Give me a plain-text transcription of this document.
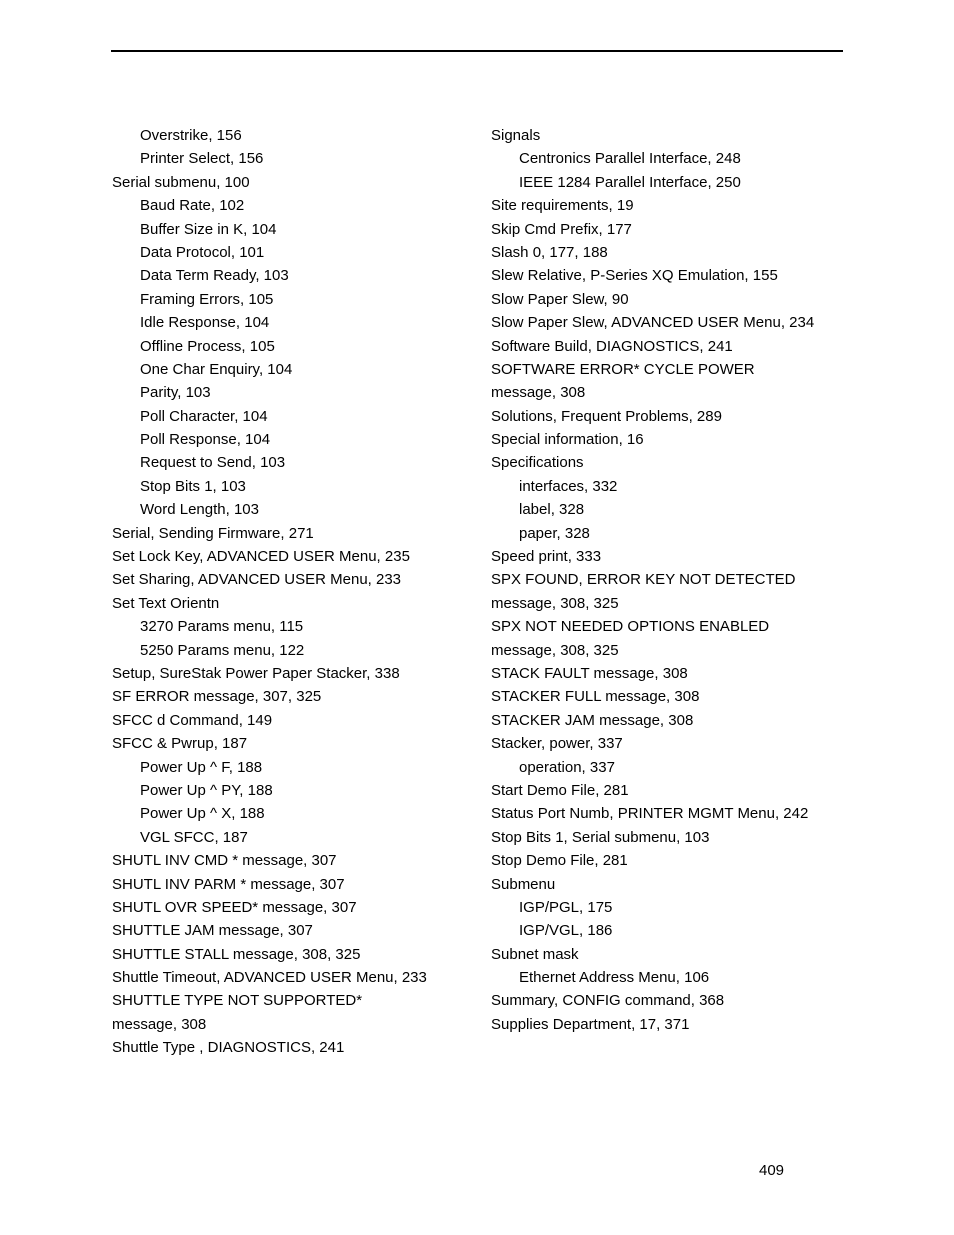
Overstrike, 156
Printer Select, 156
Serial submenu, 100
Baud Rate, 102
Buffer Size in K, 104
Data Protocol, 101
Data Term Ready, 103
Framing Errors, 105
Idle Response, 104
Offline Process, 105
One Char Enquiry, 104
Parity, 103
Poll Character, 104
Poll Response, 104
Request to Send, 103
Stop Bits 1, 103
Word Length, 103
Serial, Sending Firmware, 271
Set Lock Key, ADVANCED USER Menu, 235
Set Sharing, ADVANCED USER Menu, 233
Set Text Orientn
3270 Params menu, 115
5250 Params menu, 122
Setup, SureStak Power Paper Stacker, 338
SF ERROR message, 307, 325
SFCC d Command, 149
SFCC & Pwrup, 187
Power Up ^ F, 188
Power Up ^ PY, 188
Power Up ^ X, 188
VGL SFCC, 187
SHUTL INV CMD * message, 307
SHUTL INV PARM * message, 307
SHUTL OVR SPEED* message, 307
SHUTTLE JAM message, 307
SHUTTLE STALL message, 308, 325
Shuttle Timeout, ADVANCED USER Menu, 233
SHUTTLE TYPE NOT SUPPORTED*
message, 308
Shuttle Type , DIAGNOSTICS, 241
Signals
Centronics Parallel Interface, 248
IEEE 1284 Parallel Interface, 250
Site requirements, 19
Skip Cmd Prefix, 177
Slash 0, 177, 188
Slew Relative, P-Series XQ Emulation, 155
Slow Paper Slew, 90
Slow Paper Slew, ADVANCED USER Menu, 234
Software Build, DIAGNOSTICS, 241
SOFTWARE ERROR* CYCLE POWER
message, 308
Solutions, Frequent Problems, 289
Special information, 16
Specifications
interfaces, 332
label, 328
paper, 328
Speed print, 333
SPX FOUND, ERROR KEY NOT DETECTED
message, 308, 325
SPX NOT NEEDED OPTIONS ENABLED
message, 308, 325
STACK FAULT message, 308
STACKER FULL message, 308
STACKER JAM message, 308
Stacker, power, 337
operation, 337
Start Demo File, 281
Status Port Numb, PRINTER MGMT Menu, 242
Stop Bits 1, Serial submenu, 103
Stop Demo File, 281
Submenu
IGP/PGL, 175
IGP/VGL, 186
Subnet mask
Ethernet Address Menu, 106
Summary, CONFIG command, 368
Supplies Department, 17, 371
409
